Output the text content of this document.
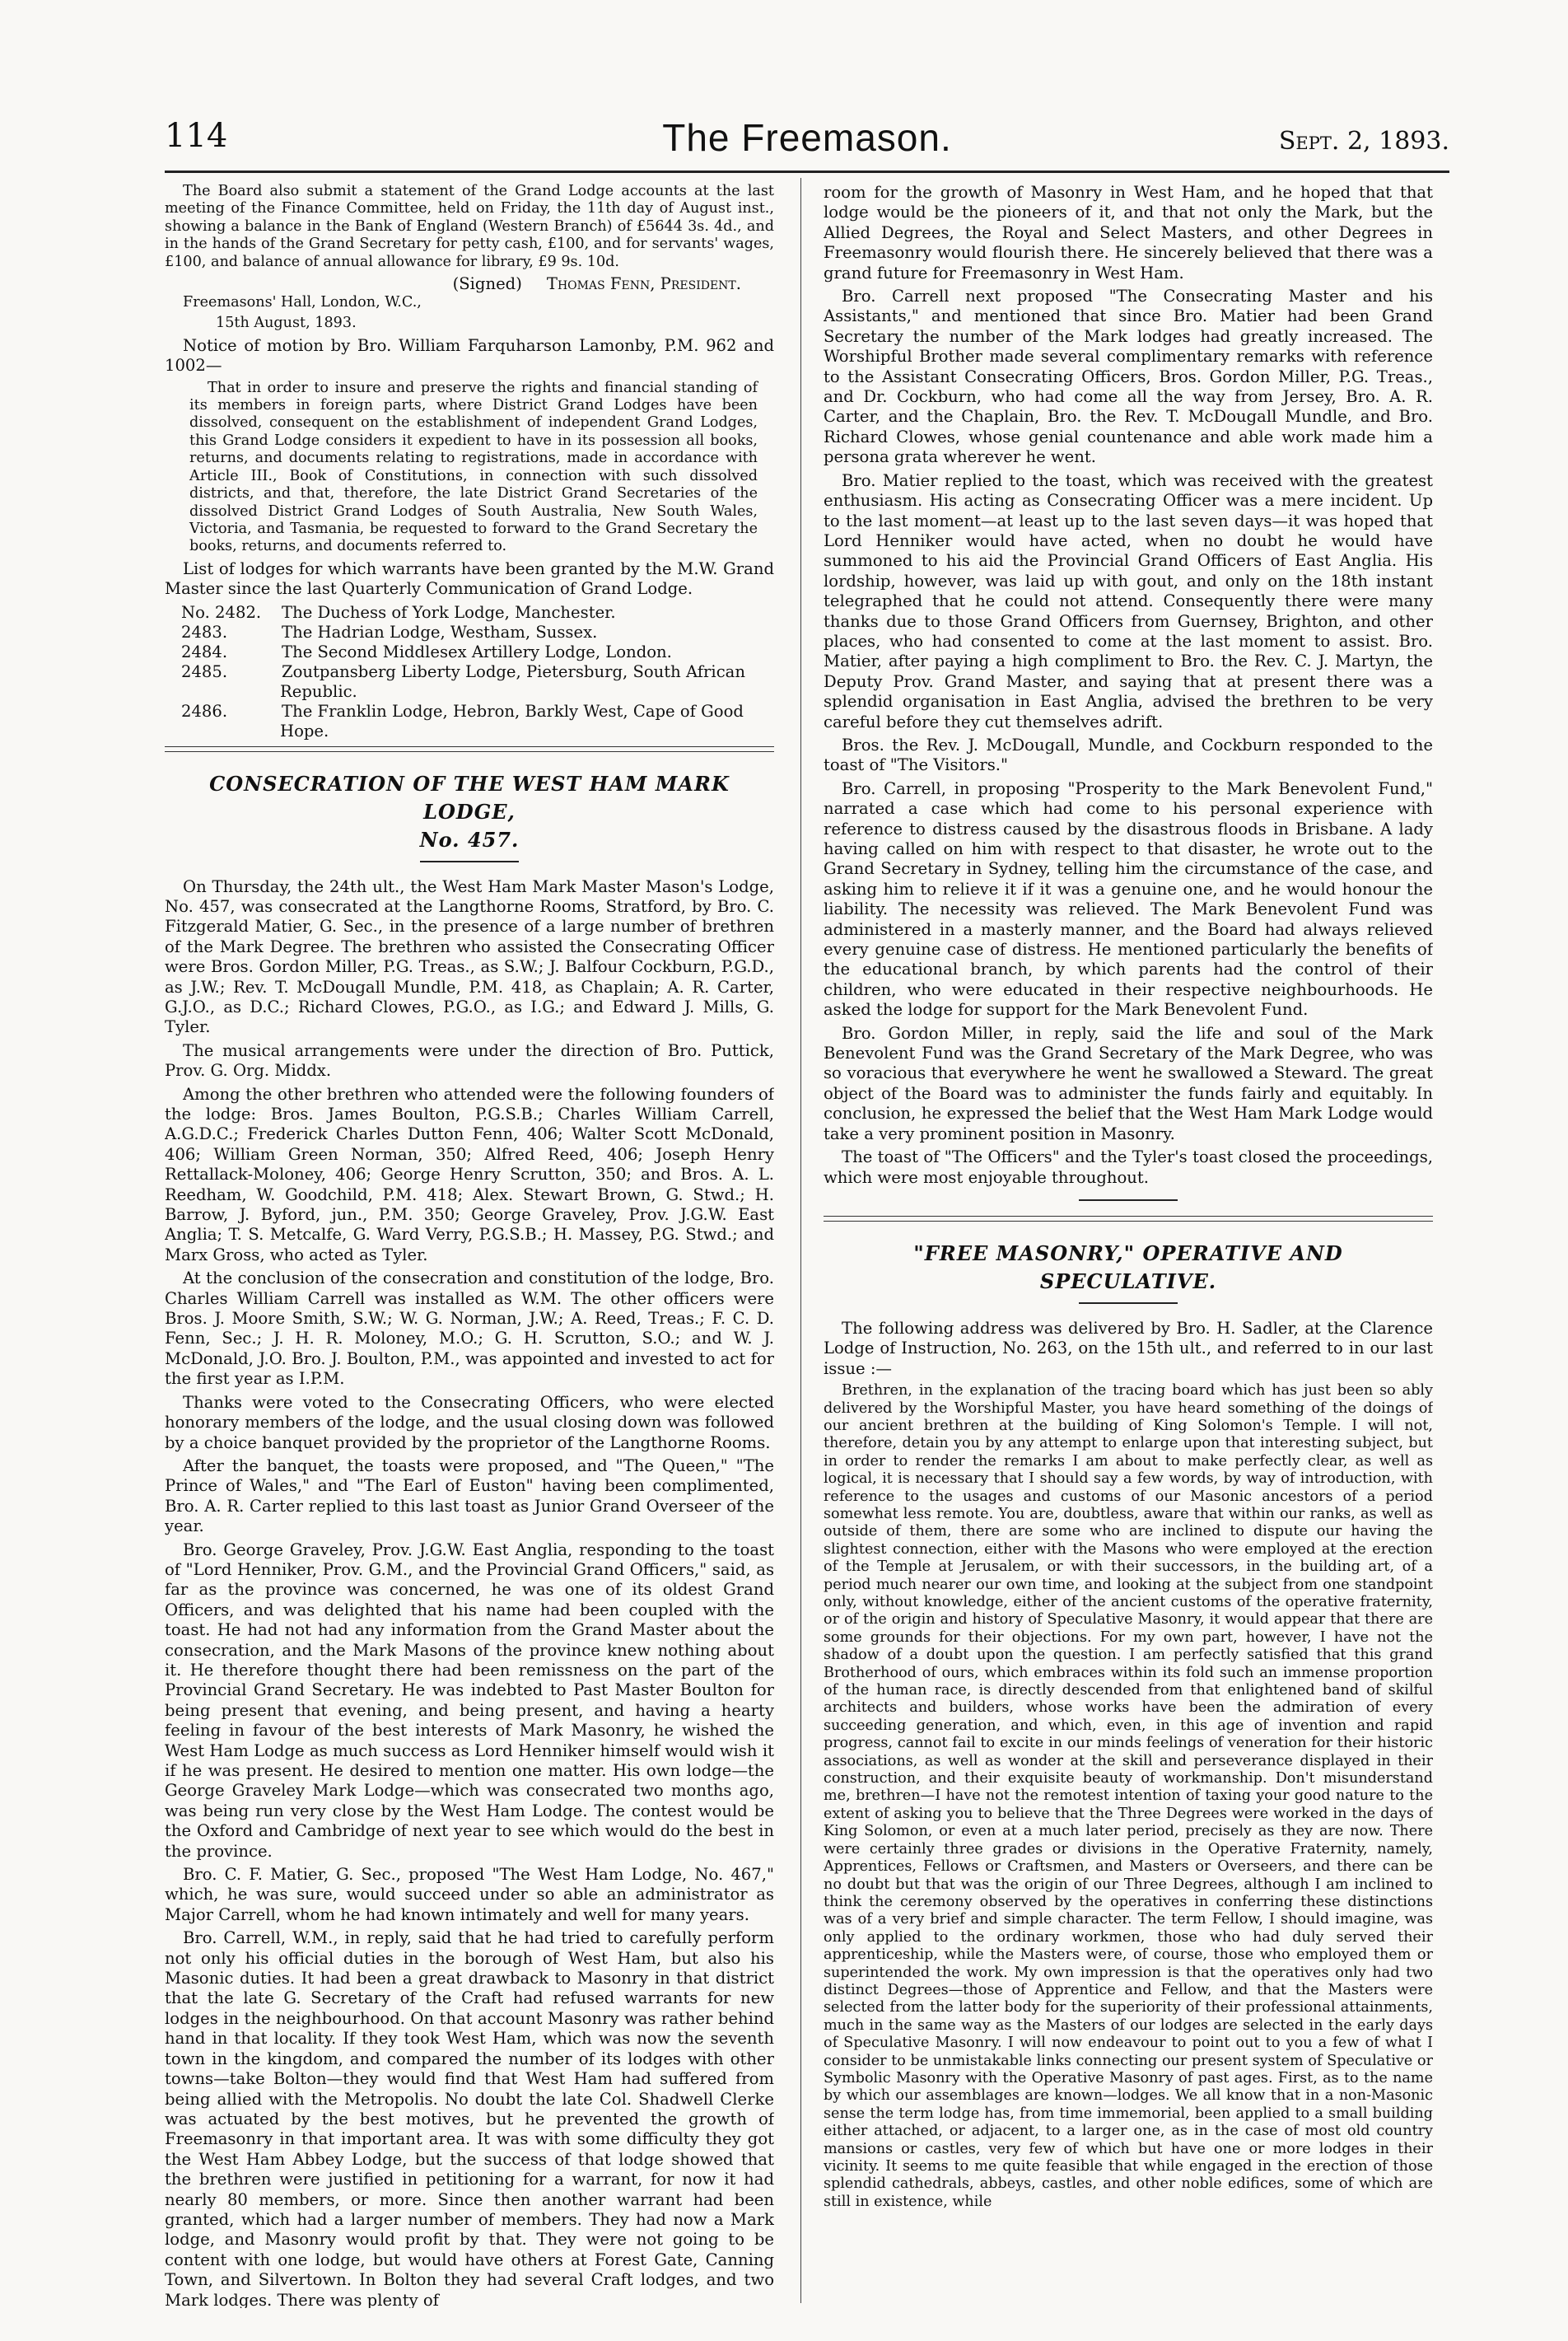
114	The Freemason.	Sept. 2, 1893.

The Board also submit a statement of the Grand Lodge accounts at the last meeting of the Finance Committee, held on Friday, the 11th day of August inst., showing a balance in the Bank of England (Western Branch) of £5644 3s. 4d., and in the hands of the Grand Secretary for petty cash, £100, and for servants' wages, £100, and balance of annual allowance for library, £9 9s. 10d.

(Signed) Thomas Fenn, President.

Freemasons' Hall, London, W.C.,

15th August, 1893.

Notice of motion by Bro. William Farquharson Lamonby, P.M. 962 and 1002—

That in order to insure and preserve the rights and financial standing of its members in foreign parts, where District Grand Lodges have been dissolved, consequent on the establishment of independent Grand Lodges, this Grand Lodge considers it expedient to have in its possession all books, returns, and documents relating to registrations, made in accordance with Article III., Book of Constitutions, in connection with such dissolved districts, and that, therefore, the late District Grand Secretaries of the dissolved District Grand Lodges of South Australia, New South Wales, Victoria, and Tasmania, be requested to forward to the Grand Secretary the books, returns, and documents referred to.

List of lodges for which warrants have been granted by the M.W. Grand Master since the last Quarterly Communication of Grand Lodge.

No. 2482. The Duchess of York Lodge, Manchester.
2483.	The Hadrian Lodge, Westham, Sussex.
2484.	The Second Middlesex Artillery Lodge, London.
2485.	Zoutpansberg Liberty Lodge, Pietersburg, South African Republic.
2486.	The Franklin Lodge, Hebron, Barkly West, Cape of Good Hope.
CONSECRATION OF THE WEST HAM MARK LODGE,
No. 457.

On Thursday, the 24th ult., the West Ham Mark Master Mason's Lodge, No. 457, was consecrated at the Langthorne Rooms, Stratford, by Bro. C. Fitzgerald Matier, G. Sec., in the presence of a large number of brethren of the Mark Degree. The brethren who assisted the Consecrating Officer were Bros. Gordon Miller, P.G. Treas., as S.W.; J. Balfour Cockburn, P.G.D., as J.W.; Rev. T. McDougall Mundle, P.M. 418, as Chaplain; A. R. Carter, G.J.O., as D.C.; Richard Clowes, P.G.O., as I.G.; and Edward J. Mills, G. Tyler.

The musical arrangements were under the direction of Bro. Puttick, Prov. G. Org. Middx.

Among the other brethren who attended were the following founders of the lodge: Bros. James Boulton, P.G.S.B.; Charles William Carrell, A.G.D.C.; Frederick Charles Dutton Fenn, 406; Walter Scott McDonald, 406; William Green Norman, 350; Alfred Reed, 406; Joseph Henry Rettallack-Moloney, 406; George Henry Scrutton, 350; and Bros. A. L. Reedham, W. Goodchild, P.M. 418; Alex. Stewart Brown, G. Stwd.; H. Barrow, J. Byford, jun., P.M. 350; George Graveley, Prov. J.G.W. East Anglia; T. S. Metcalfe, G. Ward Verry, P.G.S.B.; H. Massey, P.G. Stwd.; and Marx Gross, who acted as Tyler.

At the conclusion of the consecration and constitution of the lodge, Bro. Charles William Carrell was installed as W.M. The other officers were Bros. J. Moore Smith, S.W.; W. G. Norman, J.W.; A. Reed, Treas.; F. C. D. Fenn, Sec.; J. H. R. Moloney, M.O.; G. H. Scrutton, S.O.; and W. J. McDonald, J.O. Bro. J. Boulton, P.M., was appointed and invested to act for the first year as I.P.M.

Thanks were voted to the Consecrating Officers, who were elected honorary members of the lodge, and the usual closing down was followed by a choice banquet provided by the proprietor of the Langthorne Rooms.

After the banquet, the toasts were proposed, and "The Queen," "The Prince of Wales," and "The Earl of Euston" having been complimented, Bro. A. R. Carter replied to this last toast as Junior Grand Overseer of the year.

Bro. George Graveley, Prov. J.G.W. East Anglia, responding to the toast of "Lord Henniker, Prov. G.M., and the Provincial Grand Officers," said, as far as the province was concerned, he was one of its oldest Grand Officers, and was delighted that his name had been coupled with the toast. He had not had any information from the Grand Master about the consecration, and the Mark Masons of the province knew nothing about it. He therefore thought there had been remissness on the part of the Provincial Grand Secretary. He was indebted to Past Master Boulton for being present that evening, and being present, and having a hearty feeling in favour of the best interests of Mark Masonry, he wished the West Ham Lodge as much success as Lord Henniker himself would wish it if he was present. He desired to mention one matter. His own lodge—the George Graveley Mark Lodge—which was consecrated two months ago, was being run very close by the West Ham Lodge. The contest would be the Oxford and Cambridge of next year to see which would do the best in the province.

Bro. C. F. Matier, G. Sec., proposed "The West Ham Lodge, No. 467," which, he was sure, would succeed under so able an administrator as Major Carrell, whom he had known intimately and well for many years.

Bro. Carrell, W.M., in reply, said that he had tried to carefully perform not only his official duties in the borough of West Ham, but also his Masonic duties. It had been a great drawback to Masonry in that district that the late G. Secretary of the Craft had refused warrants for new lodges in the neighbourhood. On that account Masonry was rather behind hand in that locality. If they took West Ham, which was now the seventh town in the kingdom, and compared the number of its lodges with other towns—take Bolton—they would find that West Ham had suffered from being allied with the Metropolis. No doubt the late Col. Shadwell Clerke was actuated by the best motives, but he prevented the growth of Freemasonry in that important area. It was with some difficulty they got the West Ham Abbey Lodge, but the success of that lodge showed that the brethren were justified in petitioning for a warrant, for now it had nearly 80 members, or more. Since then another warrant had been granted, which had a larger number of members. They had now a Mark lodge, and Masonry would profit by that. They were not going to be content with one lodge, but would have others at Forest Gate, Canning Town, and Silvertown. In Bolton they had several Craft lodges, and two Mark lodges. There was plenty of

room for the growth of Masonry in West Ham, and he hoped that that lodge would be the pioneers of it, and that not only the Mark, but the Allied Degrees, the Royal and Select Masters, and other Degrees in Freemasonry would flourish there. He sincerely believed that there was a grand future for Freemasonry in West Ham.

Bro. Carrell next proposed "The Consecrating Master and his Assistants," and mentioned that since Bro. Matier had been Grand Secretary the number of the Mark lodges had greatly increased. The Worshipful Brother made several complimentary remarks with reference to the Assistant Consecrating Officers, Bros. Gordon Miller, P.G. Treas., and Dr. Cockburn, who had come all the way from Jersey, Bro. A. R. Carter, and the Chaplain, Bro. the Rev. T. McDougall Mundle, and Bro. Richard Clowes, whose genial countenance and able work made him a persona grata wherever he went.

Bro. Matier replied to the toast, which was received with the greatest enthusiasm. His acting as Consecrating Officer was a mere incident. Up to the last moment—at least up to the last seven days—it was hoped that Lord Henniker would have acted, when no doubt he would have summoned to his aid the Provincial Grand Officers of East Anglia. His lordship, however, was laid up with gout, and only on the 18th instant telegraphed that he could not attend. Consequently there were many thanks due to those Grand Officers from Guernsey, Brighton, and other places, who had consented to come at the last moment to assist. Bro. Matier, after paying a high compliment to Bro. the Rev. C. J. Martyn, the Deputy Prov. Grand Master, and saying that at present there was a splendid organisation in East Anglia, advised the brethren to be very careful before they cut themselves adrift.

Bros. the Rev. J. McDougall, Mundle, and Cockburn responded to the toast of "The Visitors."

Bro. Carrell, in proposing "Prosperity to the Mark Benevolent Fund," narrated a case which had come to his personal experience with reference to distress caused by the disastrous floods in Brisbane. A lady having called on him with respect to that disaster, he wrote out to the Grand Secretary in Sydney, telling him the circumstance of the case, and asking him to relieve it if it was a genuine one, and he would honour the liability. The necessity was relieved. The Mark Benevolent Fund was administered in a masterly manner, and the Board had always relieved every genuine case of distress. He mentioned particularly the benefits of the educational branch, by which parents had the control of their children, who were educated in their respective neighbourhoods. He asked the lodge for support for the Mark Benevolent Fund.

Bro. Gordon Miller, in reply, said the life and soul of the Mark Benevolent Fund was the Grand Secretary of the Mark Degree, who was so voracious that everywhere he went he swallowed a Steward. The great object of the Board was to administer the funds fairly and equitably. In conclusion, he expressed the belief that the West Ham Mark Lodge would take a very prominent position in Masonry.

The toast of "The Officers" and the Tyler's toast closed the proceedings, which were most enjoyable throughout.

"FREE MASONRY," OPERATIVE AND SPECULATIVE.

The following address was delivered by Bro. H. Sadler, at the Clarence Lodge of Instruction, No. 263, on the 15th ult., and referred to in our last issue :—

Brethren, in the explanation of the tracing board which has just been so ably delivered by the Worshipful Master, you have heard something of the doings of our ancient brethren at the building of King Solomon's Temple. I will not, therefore, detain you by any attempt to enlarge upon that interesting subject, but in order to render the remarks I am about to make perfectly clear, as well as logical, it is necessary that I should say a few words, by way of introduction, with reference to the usages and customs of our Masonic ancestors of a period somewhat less remote. You are, doubtless, aware that within our ranks, as well as outside of them, there are some who are inclined to dispute our having the slightest connection, either with the Masons who were employed at the erection of the Temple at Jerusalem, or with their successors, in the building art, of a period much nearer our own time, and looking at the subject from one standpoint only, without knowledge, either of the ancient customs of the operative fraternity, or of the origin and history of Speculative Masonry, it would appear that there are some grounds for their objections. For my own part, however, I have not the shadow of a doubt upon the question. I am perfectly satisfied that this grand Brotherhood of ours, which embraces within its fold such an immense proportion of the human race, is directly descended from that enlightened band of skilful architects and builders, whose works have been the admiration of every succeeding generation, and which, even, in this age of invention and rapid progress, cannot fail to excite in our minds feelings of veneration for their historic associations, as well as wonder at the skill and perseverance displayed in their construction, and their exquisite beauty of workmanship. Don't misunderstand me, brethren—I have not the remotest intention of taxing your good nature to the extent of asking you to believe that the Three Degrees were worked in the days of King Solomon, or even at a much later period, precisely as they are now. There were certainly three grades or divisions in the Operative Fraternity, namely, Apprentices, Fellows or Craftsmen, and Masters or Overseers, and there can be no doubt but that was the origin of our Three Degrees, although I am inclined to think the ceremony observed by the operatives in conferring these distinctions was of a very brief and simple character. The term Fellow, I should imagine, was only applied to the ordinary workmen, those who had duly served their apprenticeship, while the Masters were, of course, those who employed them or superintended the work. My own impression is that the operatives only had two distinct Degrees—those of Apprentice and Fellow, and that the Masters were selected from the latter body for the superiority of their professional attainments, much in the same way as the Masters of our lodges are selected in the early days of Speculative Masonry. I will now endeavour to point out to you a few of what I consider to be unmistakable links connecting our present system of Speculative or Symbolic Masonry with the Operative Masonry of past ages. First, as to the name by which our assemblages are known—lodges. We all know that in a non-Masonic sense the term lodge has, from time immemorial, been applied to a small building either attached, or adjacent, to a larger one, as in the case of most old country mansions or castles, very few of which but have one or more lodges in their vicinity. It seems to me quite feasible that while engaged in the erection of those splendid cathedrals, abbeys, castles, and other noble edifices, some of which are still in existence, while
